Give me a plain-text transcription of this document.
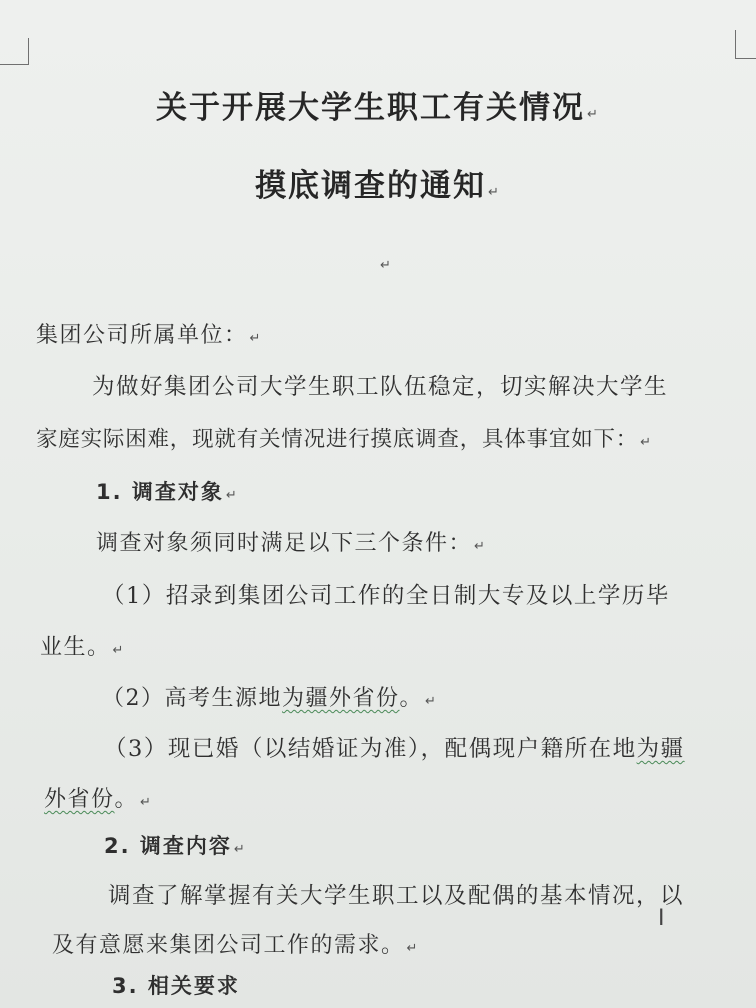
关于开展大学生职工有关情况 ↵
摸底调查的通知 ↵
↵
集团公司所属单位： ↵
为做好集团公司大学生职工队伍稳定，切实解决大学生
家庭实际困难，现就有关情况进行摸底调查，具体事宜如下： ↵
1. 调查对象 ↵
调查对象须同时满足以下三个条件： ↵
（1）招录到集团公司工作的全日制大专及以上学历毕
业生。 ↵
（2）高考生源地为疆外省份。 ↵
（3）现已婚（以结婚证为准），配偶现户籍所在地为疆
外省份。 ↵
2. 调查内容 ↵
调查了解掌握有关大学生职工以及配偶的基本情况，以
及有意愿来集团公司工作的需求。 ↵
3. 相关要求
I
